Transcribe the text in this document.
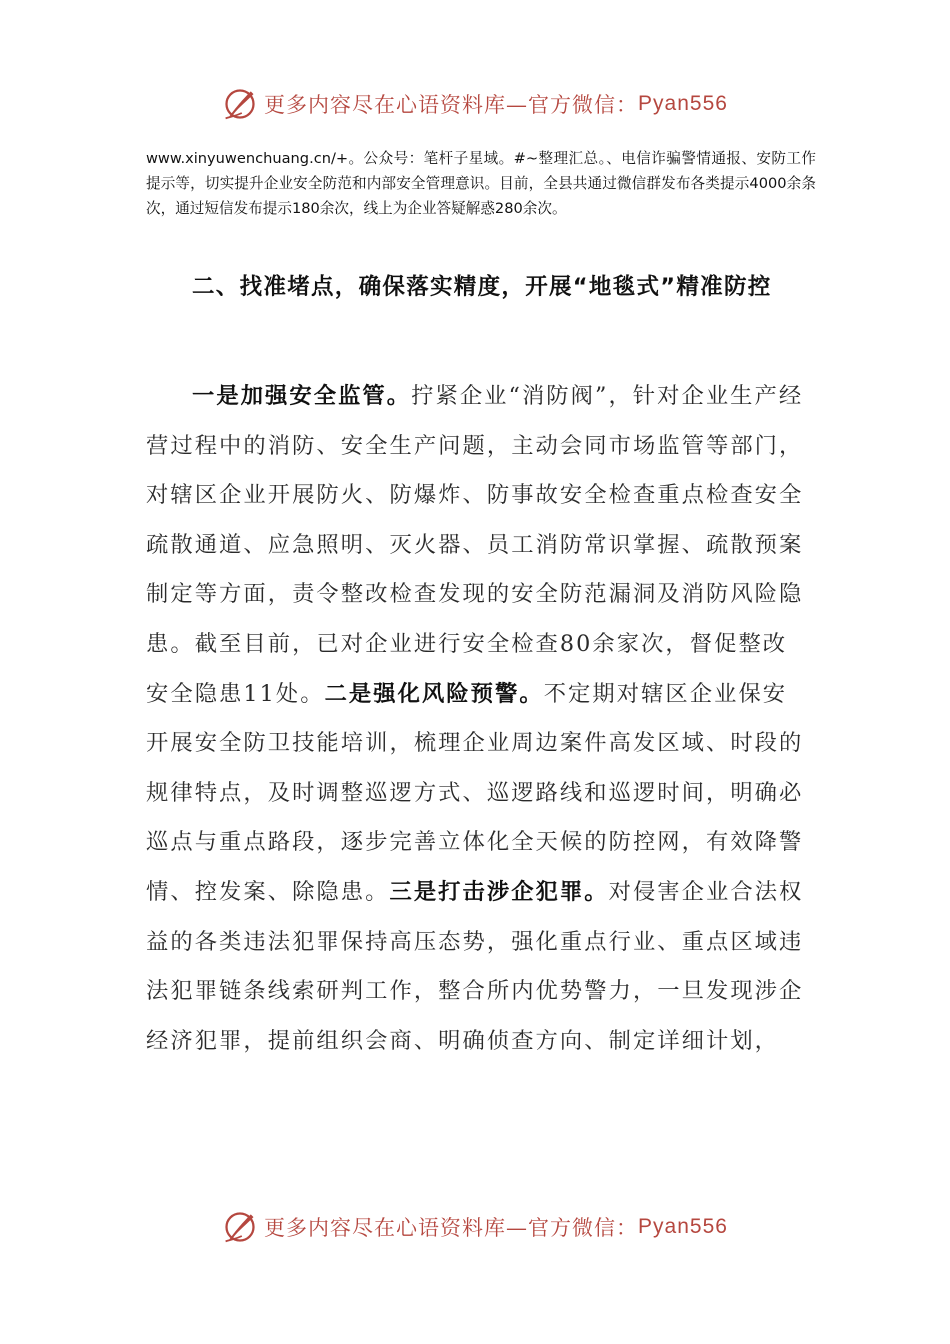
更多内容尽在心语资料库—官方微信： Pyan556

www.xinyuwenchuang.cn/+。公众号：笔杆子星域。#~整理汇总。、电信诈骗警情通报、安防工作提示等，切实提升企业安全防范和内部安全管理意识。目前，全县共通过微信群发布各类提示4000余条次，通过短信发布提示180余次，线上为企业答疑解惑280余次。

二、找准堵点，确保落实精度，开展“地毯式”精准防控

一是加强安全监管。拧紧企业“消防阀”，针对企业生产经营过程中的消防、安全生产问题，主动会同市场监管等部门，对辖区企业开展防火、防爆炸、防事故安全检查重点检查安全疏散通道、应急照明、灭火器、员工消防常识掌握、疏散预案制定等方面，责令整改检查发现的安全防范漏洞及消防风险隐患。截至目前，已对企业进行安全检查80余家次，督促整改安全隐患11处。二是强化风险预警。不定期对辖区企业保安开展安全防卫技能培训，梳理企业周边案件高发区域、时段的规律特点，及时调整巡逻方式、巡逻路线和巡逻时间，明确必巡点与重点路段，逐步完善立体化全天候的防控网，有效降警情、控发案、除隐患。三是打击涉企犯罪。对侵害企业合法权益的各类违法犯罪保持高压态势，强化重点行业、重点区域违法犯罪链条线索研判工作，整合所内优势警力，一旦发现涉企经济犯罪，提前组织会商、明确侦查方向、制定详细计划，

更多内容尽在心语资料库—官方微信： Pyan556
